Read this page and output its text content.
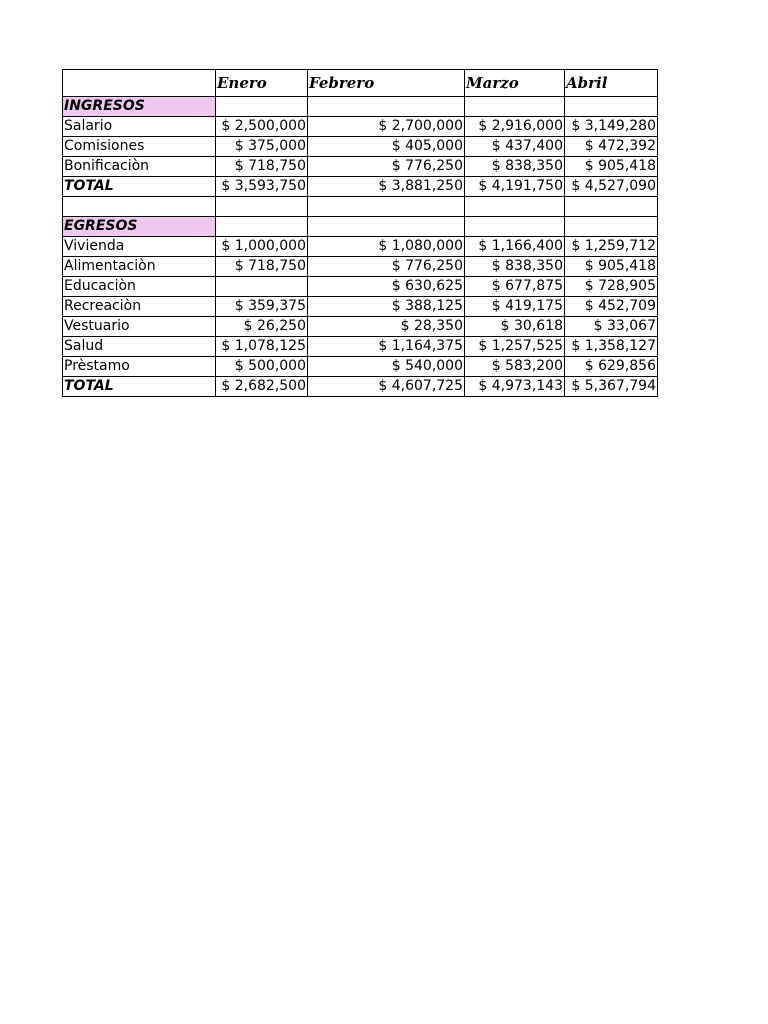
	Enero	Febrero	Marzo	Abril
INGRESOS				
Salario	$ 2,500,000	$ 2,700,000	$ 2,916,000	$ 3,149,280
Comisiones	$ 375,000	$ 405,000	$ 437,400	$ 472,392
Bonificaciòn	$ 718,750	$ 776,250	$ 838,350	$ 905,418
TOTAL	$ 3,593,750	$ 3,881,250	$ 4,191,750	$ 4,527,090

EGRESOS				
Vivienda	$ 1,000,000	$ 1,080,000	$ 1,166,400	$ 1,259,712
Alimentaciòn	$ 718,750	$ 776,250	$ 838,350	$ 905,418
Educaciòn		$ 630,625	$ 677,875	$ 728,905
Recreaciòn	$ 359,375	$ 388,125	$ 419,175	$ 452,709
Vestuario	$ 26,250	$ 28,350	$ 30,618	$ 33,067
Salud	$ 1,078,125	$ 1,164,375	$ 1,257,525	$ 1,358,127
Prèstamo	$ 500,000	$ 540,000	$ 583,200	$ 629,856
TOTAL	$ 2,682,500	$ 4,607,725	$ 4,973,143	$ 5,367,794
